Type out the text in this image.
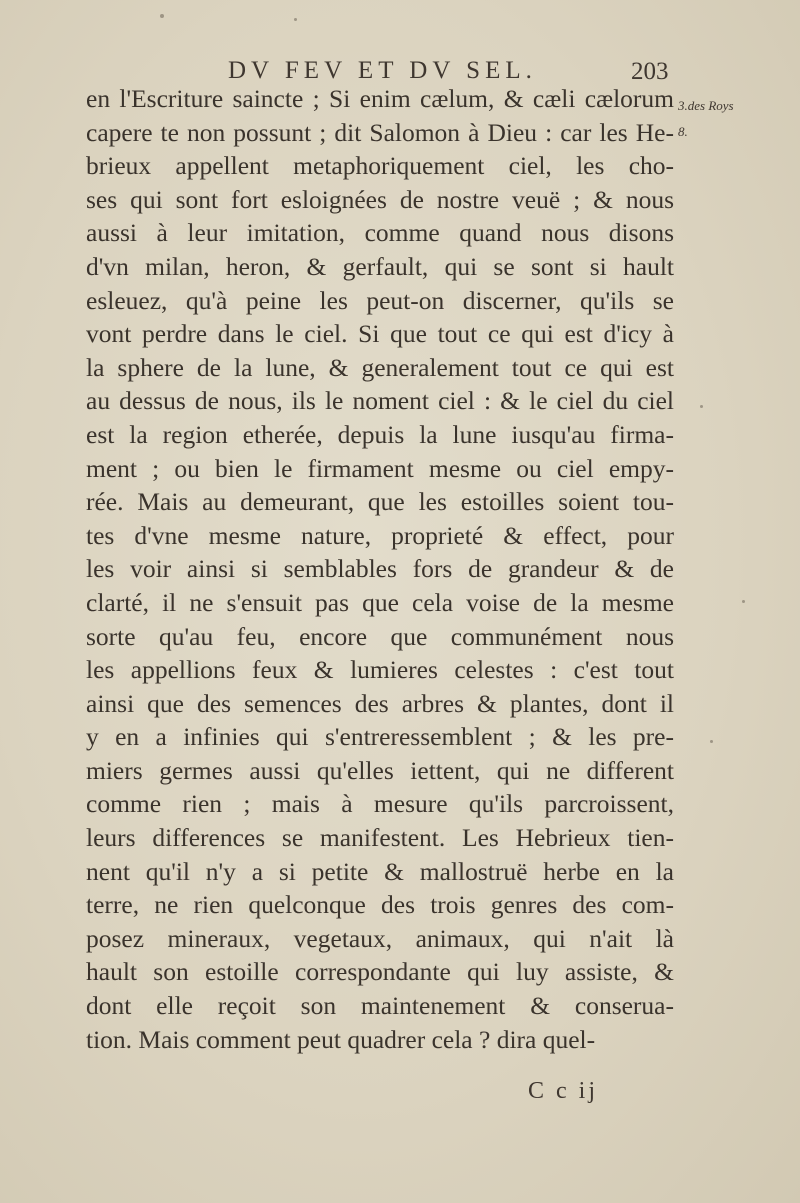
DV FEV ET DV SEL.	203
3.des Roys
8.
en l'Escriture saincte ; Si enim cælum, & cæli cælorum
capere te non possunt ; dit Salomon à Dieu : car les He-
brieux appellent metaphoriquement ciel, les cho-
ses qui sont fort esloignées de nostre veuë ; & nous
aussi à leur imitation, comme quand nous disons
d'vn milan, heron, & gerfault, qui se sont si hault
esleuez, qu'à peine les peut-on discerner, qu'ils se
vont perdre dans le ciel. Si que tout ce qui est d'icy à
la sphere de la lune, & generalement tout ce qui est
au dessus de nous, ils le noment ciel : & le ciel du ciel
est la region etherée, depuis la lune iusqu'au firma-
ment ; ou bien le firmament mesme ou ciel empy-
rée. Mais au demeurant, que les estoilles soient tou-
tes d'vne mesme nature, proprieté & effect, pour
les voir ainsi si semblables fors de grandeur & de
clarté, il ne s'ensuit pas que cela voise de la mesme
sorte qu'au feu, encore que communément nous
les appellions feux & lumieres celestes : c'est tout
ainsi que des semences des arbres & plantes, dont il
y en a infinies qui s'entreressemblent ; & les pre-
miers germes aussi qu'elles iettent, qui ne different
comme rien ; mais à mesure qu'ils parcroissent,
leurs differences se manifestent. Les Hebrieux tien-
nent qu'il n'y a si petite & mallostruë herbe en la
terre, ne rien quelconque des trois genres des com-
posez mineraux, vegetaux, animaux, qui n'ait là
hault son estoille correspondante qui luy assiste, &
dont elle reçoit son maintenement & conserua-
tion. Mais comment peut quadrer cela ? dira quel-
C c ij
